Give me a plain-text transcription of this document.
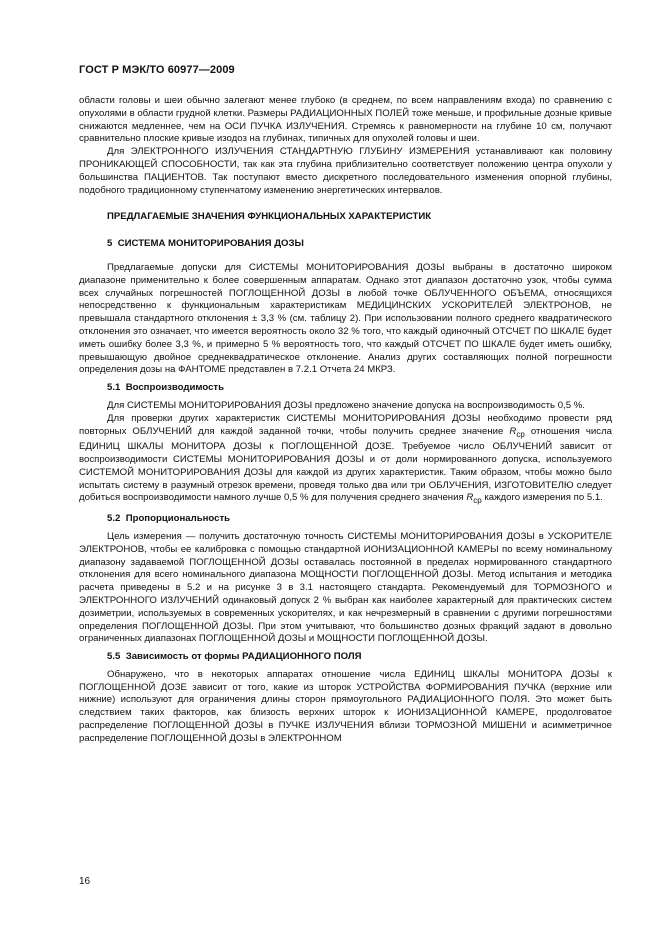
ГОСТ Р МЭК/ТО 60977—2009

области головы и шеи обычно залегают менее глубоко (в среднем, по всем направлениям входа) по сравнению с опухолями в области грудной клетки. Размеры РАДИАЦИОННЫХ ПОЛЕЙ тоже меньше, и профильные дозные кривые снижаются медленнее, чем на ОСИ ПУЧКА ИЗЛУЧЕНИЯ. Стремясь к равномерности на глубине 10 см, получают сравнительно плоские кривые изодоз на глубинах, типичных для опухолей головы и шеи.

Для ЭЛЕКТРОННОГО ИЗЛУЧЕНИЯ СТАНДАРТНУЮ ГЛУБИНУ ИЗМЕРЕНИЯ устанавливают как половину ПРОНИКАЮЩЕЙ СПОСОБНОСТИ, так как эта глубина приблизительно соответствует положению центра опухоли у большинства ПАЦИЕНТОВ. Так поступают вместо дискретного последовательного изменения опорной глубины, подобного традиционному ступенчатому изменению энергетических интервалов.

ПРЕДЛАГАЕМЫЕ ЗНАЧЕНИЯ ФУНКЦИОНАЛЬНЫХ ХАРАКТЕРИСТИК
5 СИСТЕМА МОНИТОРИРОВАНИЯ ДОЗЫ

Предлагаемые допуски для СИСТЕМЫ МОНИТОРИРОВАНИЯ ДОЗЫ выбраны в достаточно широком диапазоне применительно к более совершенным аппаратам. Однако этот диапазон достаточно узок, чтобы сумма всех случайных погрешностей ПОГЛОЩЕННОЙ ДОЗЫ в любой точке ОБЛУЧЕННОГО ОБЪЕМА, относящихся непосредственно к функциональным характеристикам МЕДИЦИНСКИХ УСКОРИТЕЛЕЙ ЭЛЕКТРОНОВ, не превышала стандартного отклонения ± 3,3 % (см. таблицу 2). При использовании полного среднего квадратического отклонения это означает, что имеется вероятность около 32 % того, что каждый одиночный ОТСЧЕТ ПО ШКАЛЕ будет иметь ошибку более 3,3 %, и примерно 5 % вероятность того, что каждый ОТСЧЕТ ПО ШКАЛЕ будет иметь ошибку, превышающую двойное среднеквадратическое отклонение. Анализ других составляющих полной погрешности определения дозы на ФАНТОМЕ представлен в 7.2.1 Отчета 24 МКРЗ.

5.1 Воспроизводимость

Для СИСТЕМЫ МОНИТОРИРОВАНИЯ ДОЗЫ предложено значение допуска на воспроизводимость 0,5 %.

Для проверки других характеристик СИСТЕМЫ МОНИТОРИРОВАНИЯ ДОЗЫ необходимо провести ряд повторных ОБЛУЧЕНИЙ для каждой заданной точки, чтобы получить среднее значение $R_{ср}$ отношения числа ЕДИНИЦ ШКАЛЫ МОНИТОРА ДОЗЫ к ПОГЛОЩЕННОЙ ДОЗЕ. Требуемое число ОБЛУЧЕНИЙ зависит от воспроизводимости СИСТЕМЫ МОНИТОРИРОВАНИЯ ДОЗЫ и от доли нормированного допуска, используемого СИСТЕМОЙ МОНИТОРИРОВАНИЯ ДОЗЫ для каждой из других характеристик. Таким образом, чтобы можно было испытать систему в разумный отрезок времени, проведя только два или три ОБЛУЧЕНИЯ, ИЗГОТОВИТЕЛЮ следует добиться воспроизводимости намного лучше 0,5 % для получения среднего значения $R_{ср}$ каждого измерения по 5.1.

5.2 Пропорциональность

Цель измерения — получить достаточную точность СИСТЕМЫ МОНИТОРИРОВАНИЯ ДОЗЫ в УСКОРИТЕЛЕ ЭЛЕКТРОНОВ, чтобы ее калибровка с помощью стандартной ИОНИЗАЦИОННОЙ КАМЕРЫ по всему номинальному диапазону задаваемой ПОГЛОЩЕННОЙ ДОЗЫ оставалась постоянной в пределах нормированного стандартного отклонения для всего номинального диапазона МОЩНОСТИ ПОГЛОЩЕННОЙ ДОЗЫ. Метод испытания и методика расчета приведены в 5.2 и на рисунке 3 в 3.1 настоящего стандарта. Рекомендуемый для ТОРМОЗНОГО и ЭЛЕКТРОННОГО ИЗЛУЧЕНИЙ одинаковый допуск 2 % выбран как наиболее характерный для практических систем дозиметрии, используемых в современных ускорителях, и как нечрезмерный в сравнении с другими погрешностями определения ПОГЛОЩЕННОЙ ДОЗЫ. При этом учитывают, что большинство дозных фракций задают в довольно ограниченных диапазонах ПОГЛОЩЕННОЙ ДОЗЫ и МОЩНОСТИ ПОГЛОЩЕННОЙ ДОЗЫ.

5.5 Зависимость от формы РАДИАЦИОННОГО ПОЛЯ

Обнаружено, что в некоторых аппаратах отношение числа ЕДИНИЦ ШКАЛЫ МОНИТОРА ДОЗЫ к ПОГЛОЩЕННОЙ ДОЗЕ зависит от того, какие из шторок УСТРОЙСТВА ФОРМИРОВАНИЯ ПУЧКА (верхние или нижние) используют для ограничения длины сторон прямоугольного РАДИАЦИОННОГО ПОЛЯ. Это может быть следствием таких факторов, как близость верхних шторок к ИОНИЗАЦИОННОЙ КАМЕРЕ, продолговатое распределение ПОГЛОЩЕННОЙ ДОЗЫ в ПУЧКЕ ИЗЛУЧЕНИЯ вблизи ТОРМОЗНОЙ МИШЕНИ и асимметричное распределение ПОГЛОЩЕННОЙ ДОЗЫ в ЭЛЕКТРОННОМ

16
